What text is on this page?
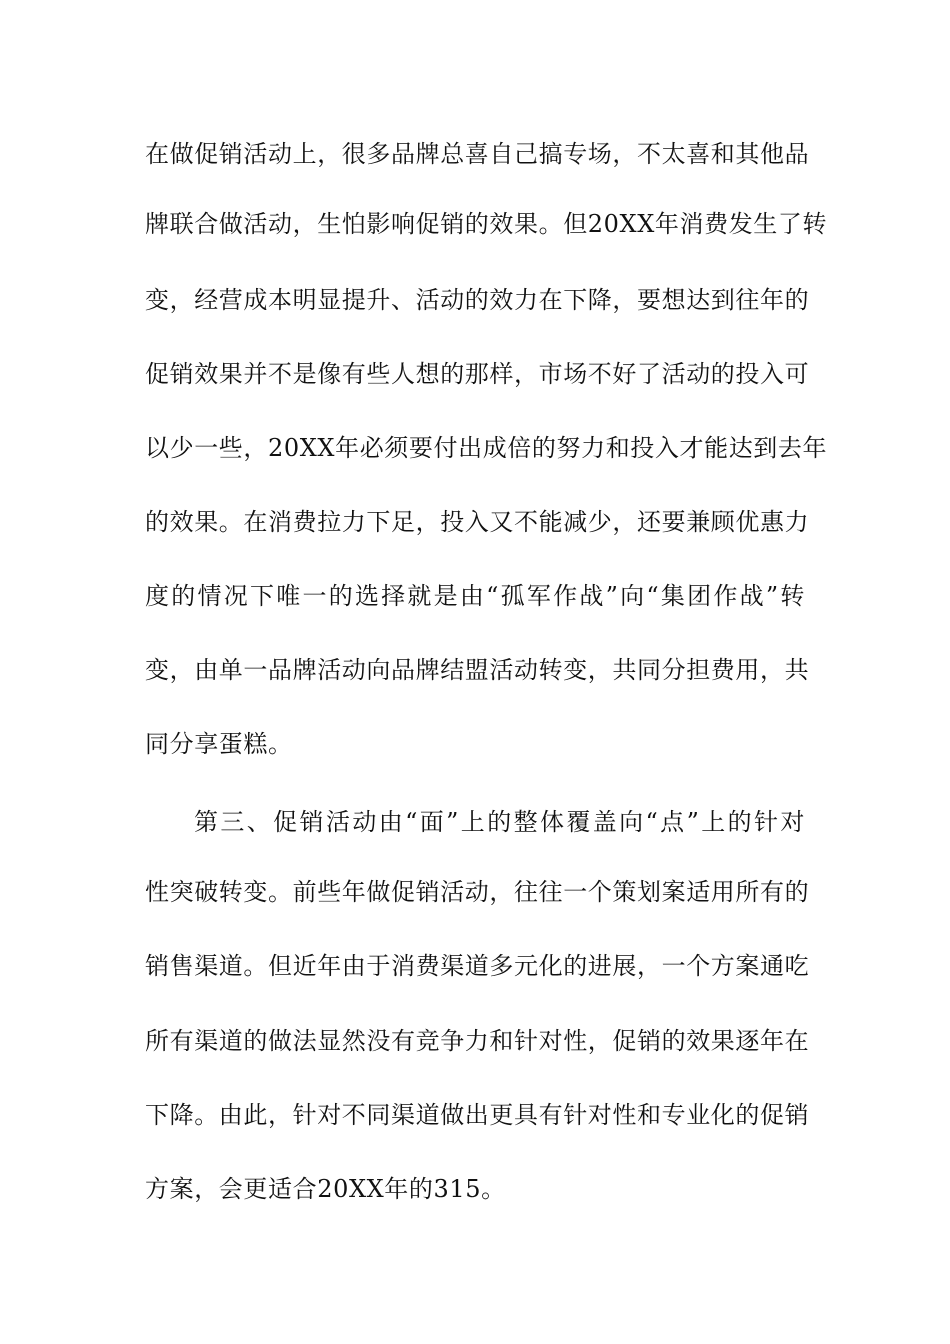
在做促销活动上，很多品牌总喜自己搞专场，不太喜和其他品
牌联合做活动，生怕影响促销的效果。但20XX年消费发生了转
变，经营成本明显提升、活动的效力在下降，要想达到往年的
促销效果并不是像有些人想的那样，市场不好了活动的投入可
以少一些，20XX年必须要付出成倍的努力和投入才能达到去年
的效果。在消费拉力下足，投入又不能减少，还要兼顾优惠力
度的情况下唯一的选择就是由“孤军作战”向“集团作战”转
变，由单一品牌活动向品牌结盟活动转变，共同分担费用，共
同分享蛋糕。
第三、促销活动由“面”上的整体覆盖向“点”上的针对
性突破转变。前些年做促销活动，往往一个策划案适用所有的
销售渠道。但近年由于消费渠道多元化的进展，一个方案通吃
所有渠道的做法显然没有竞争力和针对性，促销的效果逐年在
下降。由此，针对不同渠道做出更具有针对性和专业化的促销
方案，会更适合20XX年的315。
